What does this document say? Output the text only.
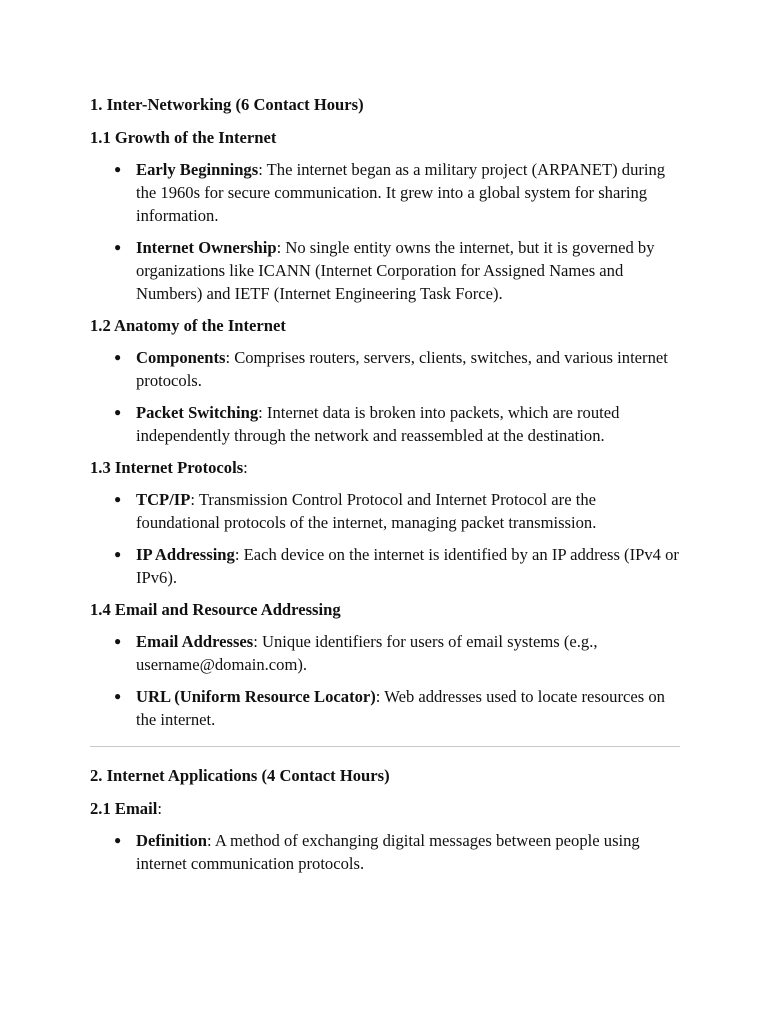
1. Inter-Networking (6 Contact Hours)

1.1 Growth of the Internet

● Early Beginnings: The internet began as a military project (ARPANET) during the 1960s for secure communication. It grew into a global system for sharing information.
● Internet Ownership: No single entity owns the internet, but it is governed by organizations like ICANN (Internet Corporation for Assigned Names and Numbers) and IETF (Internet Engineering Task Force).

1.2 Anatomy of the Internet

● Components: Comprises routers, servers, clients, switches, and various internet protocols.
● Packet Switching: Internet data is broken into packets, which are routed independently through the network and reassembled at the destination.

1.3 Internet Protocols:

● TCP/IP: Transmission Control Protocol and Internet Protocol are the foundational protocols of the internet, managing packet transmission.
● IP Addressing: Each device on the internet is identified by an IP address (IPv4 or IPv6).

1.4 Email and Resource Addressing

● Email Addresses: Unique identifiers for users of email systems (e.g., username@domain.com).
● URL (Uniform Resource Locator): Web addresses used to locate resources on the internet.

2. Internet Applications (4 Contact Hours)

2.1 Email:

● Definition: A method of exchanging digital messages between people using internet communication protocols.
